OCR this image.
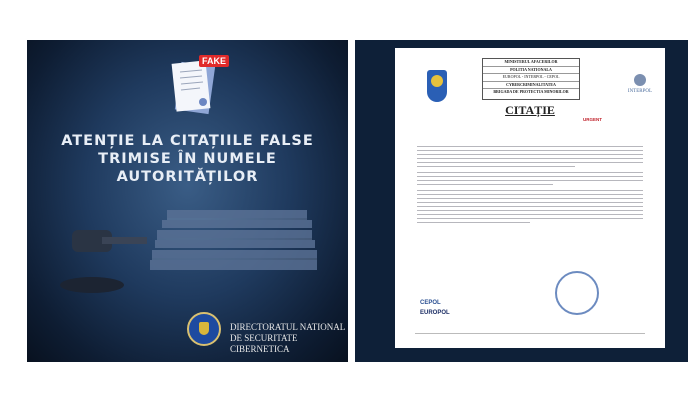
FAKE
ATENȚIE LA CITAȚIILE FALSE
TRIMISE ÎN NUMELE
AUTORITĂȚILOR
DIRECTORATUL NATIONAL
DE SECURITATE CIBERNETICA
MINISTERUL AFACERILOR
POLITIA NATIONALA
EUROPOL - INTERPOL - CEPOL
CYBERCRIMINALITATEA
BRIGADA DE PROTECTIA MINORILOR	INTERPOL
CITAȚIE
URGENT
CEPOL
EUROPOL
